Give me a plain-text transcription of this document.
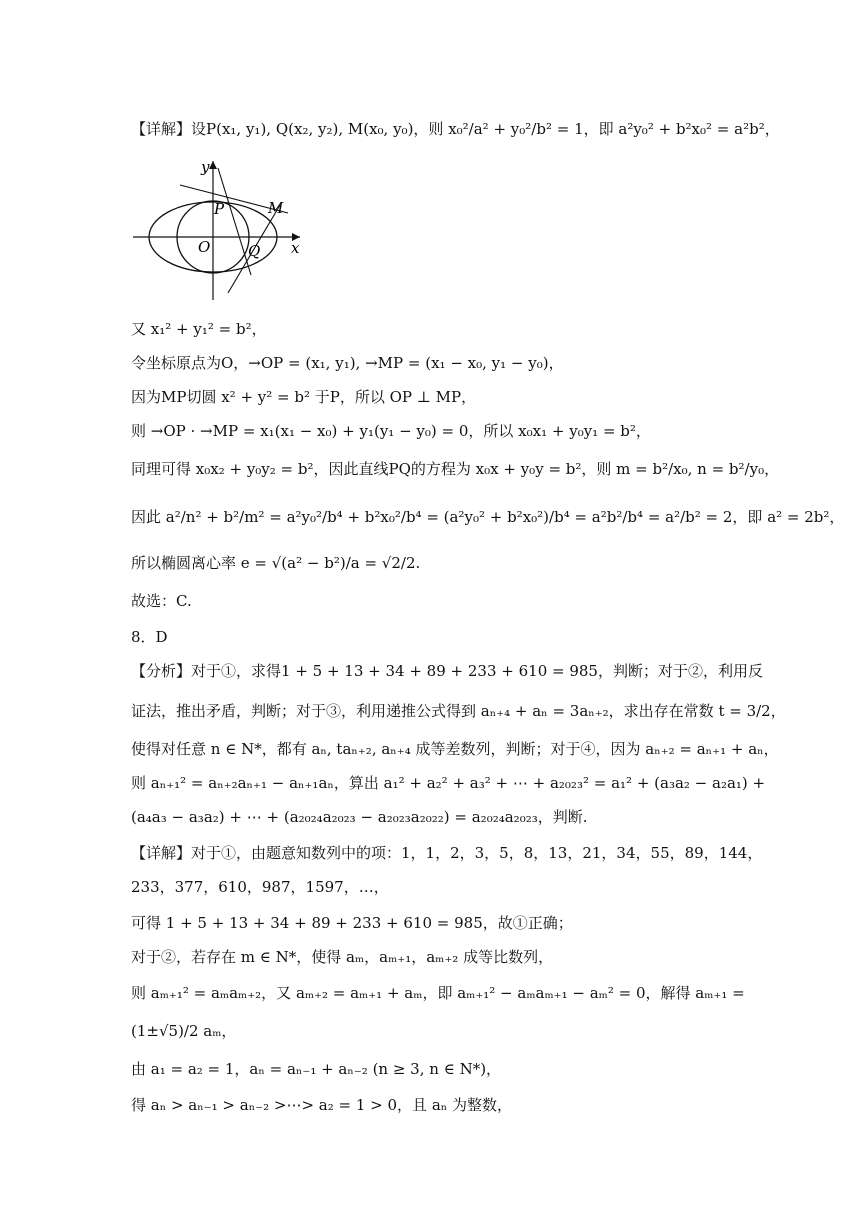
【详解】设P(x₁, y₁), Q(x₂, y₂), M(x₀, y₀)，则 x₀²/a² + y₀²/b² = 1，即 a²y₀² + b²x₀² = a²b²，
y
x
O
P	M
Q
又 x₁² + y₁² = b²，
令坐标原点为O，→OP = (x₁, y₁), →MP = (x₁ − x₀, y₁ − y₀)，
因为MP切圆 x² + y² = b² 于P，所以 OP ⊥ MP，
则 →OP · →MP = x₁(x₁ − x₀) + y₁(y₁ − y₀) = 0，所以 x₀x₁ + y₀y₁ = b²，
同理可得 x₀x₂ + y₀y₂ = b²，因此直线PQ的方程为 x₀x + y₀y = b²，则 m = b²/x₀, n = b²/y₀，
因此 a²/n² + b²/m² = a²y₀²/b⁴ + b²x₀²/b⁴ = (a²y₀² + b²x₀²)/b⁴ = a²b²/b⁴ = a²/b² = 2，即 a² = 2b²，
所以椭圆离心率 e = √(a² − b²)/a = √2/2.
故选：C.
8．D
【分析】对于①，求得1 + 5 + 13 + 34 + 89 + 233 + 610 = 985，判断；对于②，利用反
证法，推出矛盾，判断；对于③，利用递推公式得到 aₙ₊₄ + aₙ = 3aₙ₊₂，求出存在常数 t = 3/2，
使得对任意 n ∈ N*，都有 aₙ, taₙ₊₂, aₙ₊₄ 成等差数列，判断；对于④，因为 aₙ₊₂ = aₙ₊₁ + aₙ，
则 aₙ₊₁² = aₙ₊₂aₙ₊₁ − aₙ₊₁aₙ，算出 a₁² + a₂² + a₃² + ⋯ + a₂₀₂₃² = a₁² + (a₃a₂ − a₂a₁) +
(a₄a₃ − a₃a₂) + ⋯ + (a₂₀₂₄a₂₀₂₃ − a₂₀₂₃a₂₀₂₂) = a₂₀₂₄a₂₀₂₃，判断.
【详解】对于①，由题意知数列中的项：1，1，2，3，5，8，13，21，34，55，89，144，
233，377，610，987，1597，…，
可得 1 + 5 + 13 + 34 + 89 + 233 + 610 = 985，故①正确；
对于②，若存在 m ∈ N*，使得 aₘ，aₘ₊₁，aₘ₊₂ 成等比数列，
则 aₘ₊₁² = aₘaₘ₊₂，又 aₘ₊₂ = aₘ₊₁ + aₘ，即 aₘ₊₁² − aₘaₘ₊₁ − aₘ² = 0，解得 aₘ₊₁ =
(1±√5)/2 aₘ，
由 a₁ = a₂ = 1，aₙ = aₙ₋₁ + aₙ₋₂ (n ≥ 3, n ∈ N*)，
得 aₙ > aₙ₋₁ > aₙ₋₂ >⋯> a₂ = 1 > 0，且 aₙ 为整数，
